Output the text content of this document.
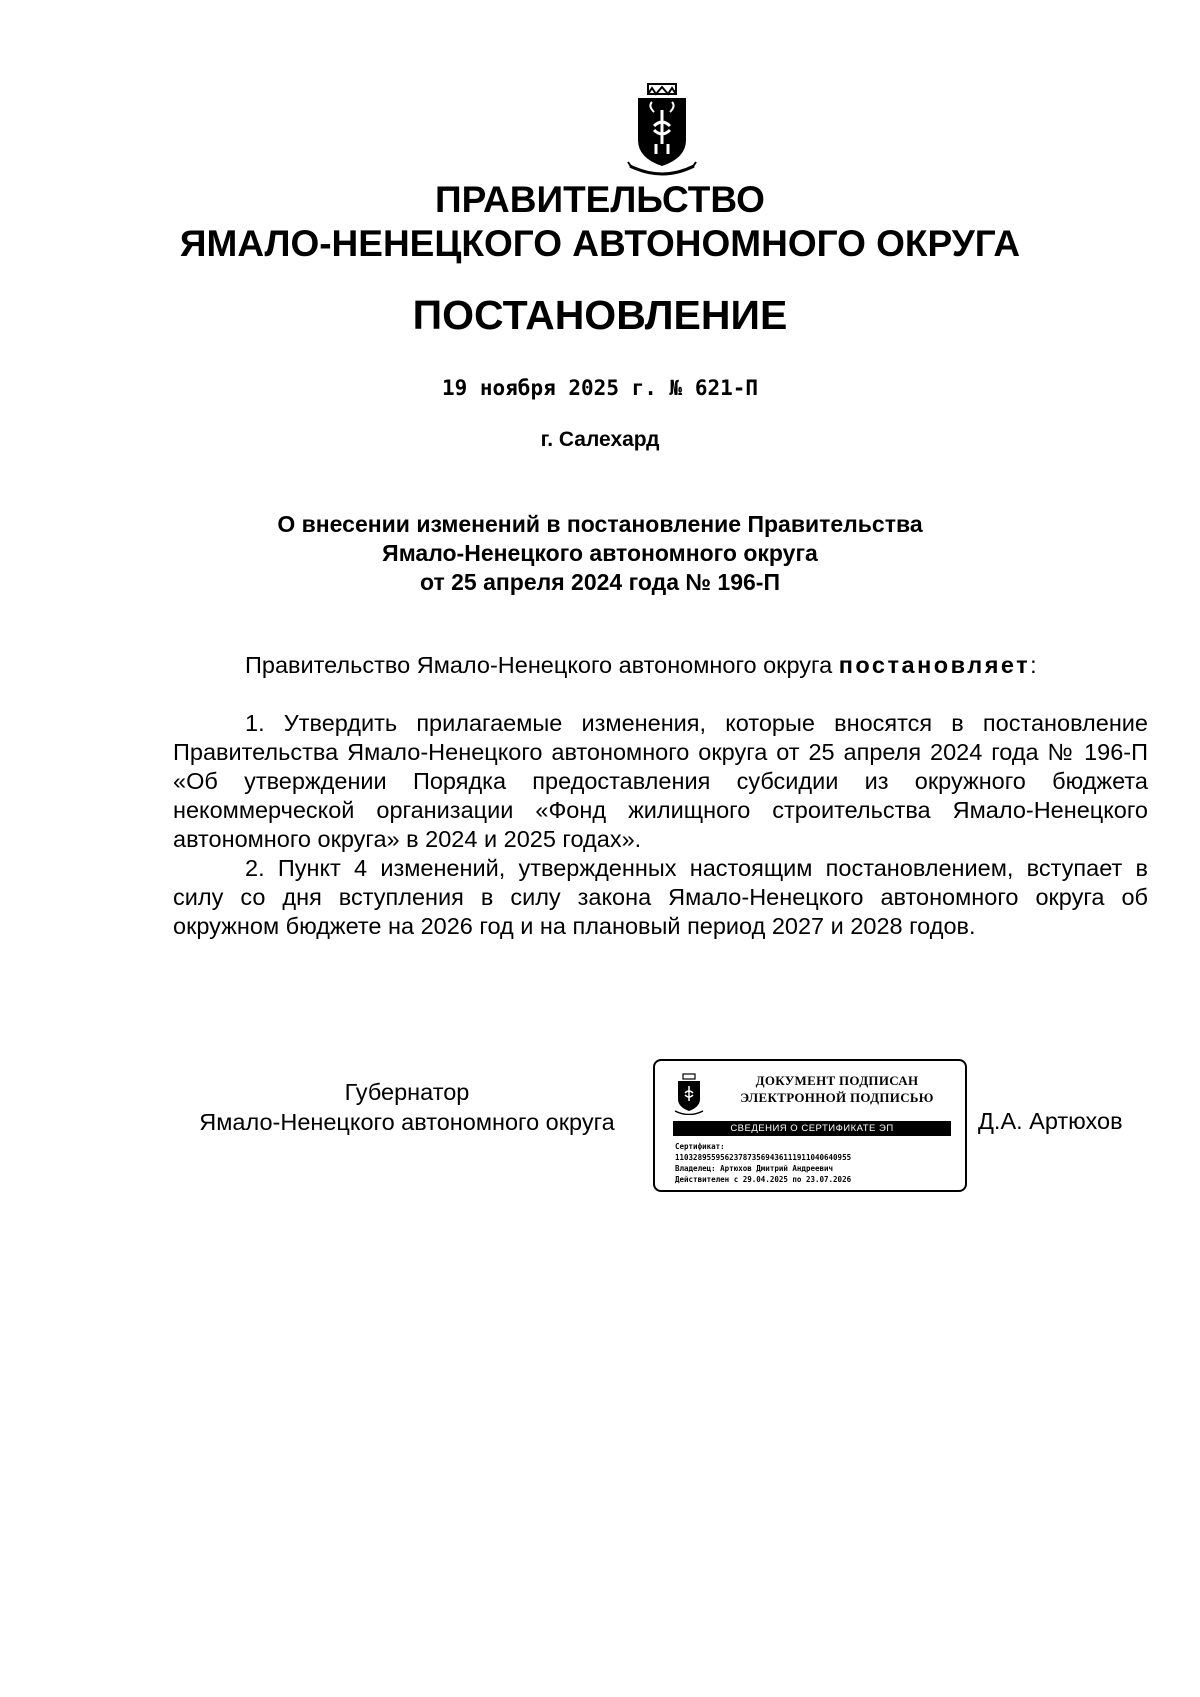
ПРАВИТЕЛЬСТВО
ЯМАЛО-НЕНЕЦКОГО АВТОНОМНОГО ОКРУГА
ПОСТАНОВЛЕНИЕ
19 ноября 2025 г. № 621-П
г. Салехард
О внесении изменений в постановление Правительства
Ямало-Ненецкого автономного округа
от 25 апреля 2024 года № 196-П
Правительство Ямало-Ненецкого автономного округа постановляет:

1. Утвердить прилагаемые изменения, которые вносятся в постановление Правительства Ямало-Ненецкого автономного округа от 25 апреля 2024 года № 196-П «Об утверждении Порядка предоставления субсидии из окружного бюджета некоммерческой организации «Фонд жилищного строительства Ямало-Ненецкого автономного округа» в 2024 и 2025 годах».

2. Пункт 4 изменений, утвержденных настоящим постановлением, вступает в силу со дня вступления в силу закона Ямало-Ненецкого автономного округа об окружном бюджете на 2026 год и на плановый период 2027 и 2028 годов.

Губернатор
Ямало-Ненецкого автономного округа
ДОКУМЕНТ ПОДПИСАН
ЭЛЕКТРОННОЙ ПОДПИСЬЮ
СВЕДЕНИЯ О СЕРТИФИКАТЕ ЭП
Сертификат:
110328955956237873569436111911040640955
Владелец: Артюхов Дмитрий Андреевич
Действителен с 29.04.2025 по 23.07.2026
Д.А. Артюхов
